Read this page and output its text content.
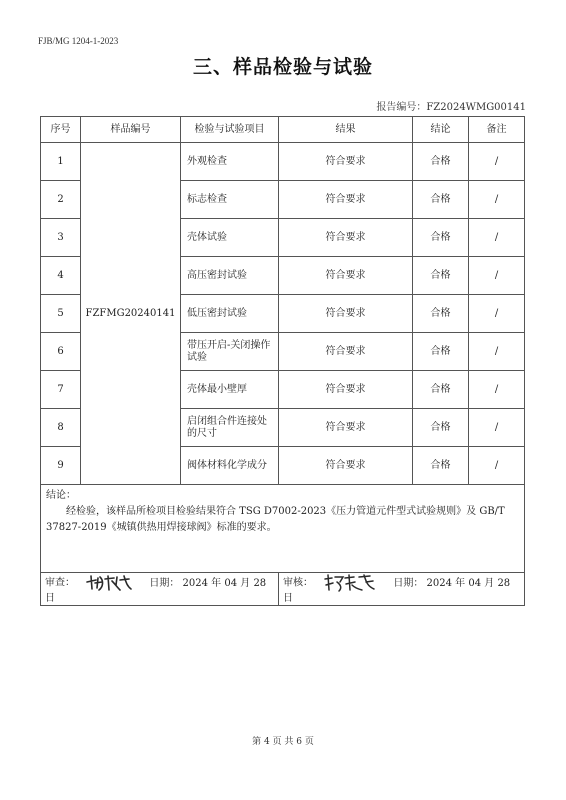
FJB/MG 1204-1-2023
三、样品检验与试验
报告编号：FZ2024WMG00141
序号	样品编号	检验与试验项目	结果	结论	备注
1	FZFMG20240141	外观检查	符合要求	合格	/
2		标志检查	符合要求	合格	/
3		壳体试验	符合要求	合格	/
4		高压密封试验	符合要求	合格	/
5		低压密封试验	符合要求	合格	/
6		带压开启-关闭操作试验	符合要求	合格	/
7		壳体最小壁厚	符合要求	合格	/
8		启闭组合件连接处的尺寸	符合要求	合格	/
9		阀体材料化学成分	符合要求	合格	/

结论：
经检验，该样品所检项目检验结果符合 TSG D7002-2023《压力管道元件型式试验规则》及 GB/T 37827-2019《城镇供热用焊接球阀》标准的要求。					

审查： 日期： 2024 年 04 月 28 日			审核： 日期： 2024 年 04 月 28 日		
第 4 页 共 6 页
